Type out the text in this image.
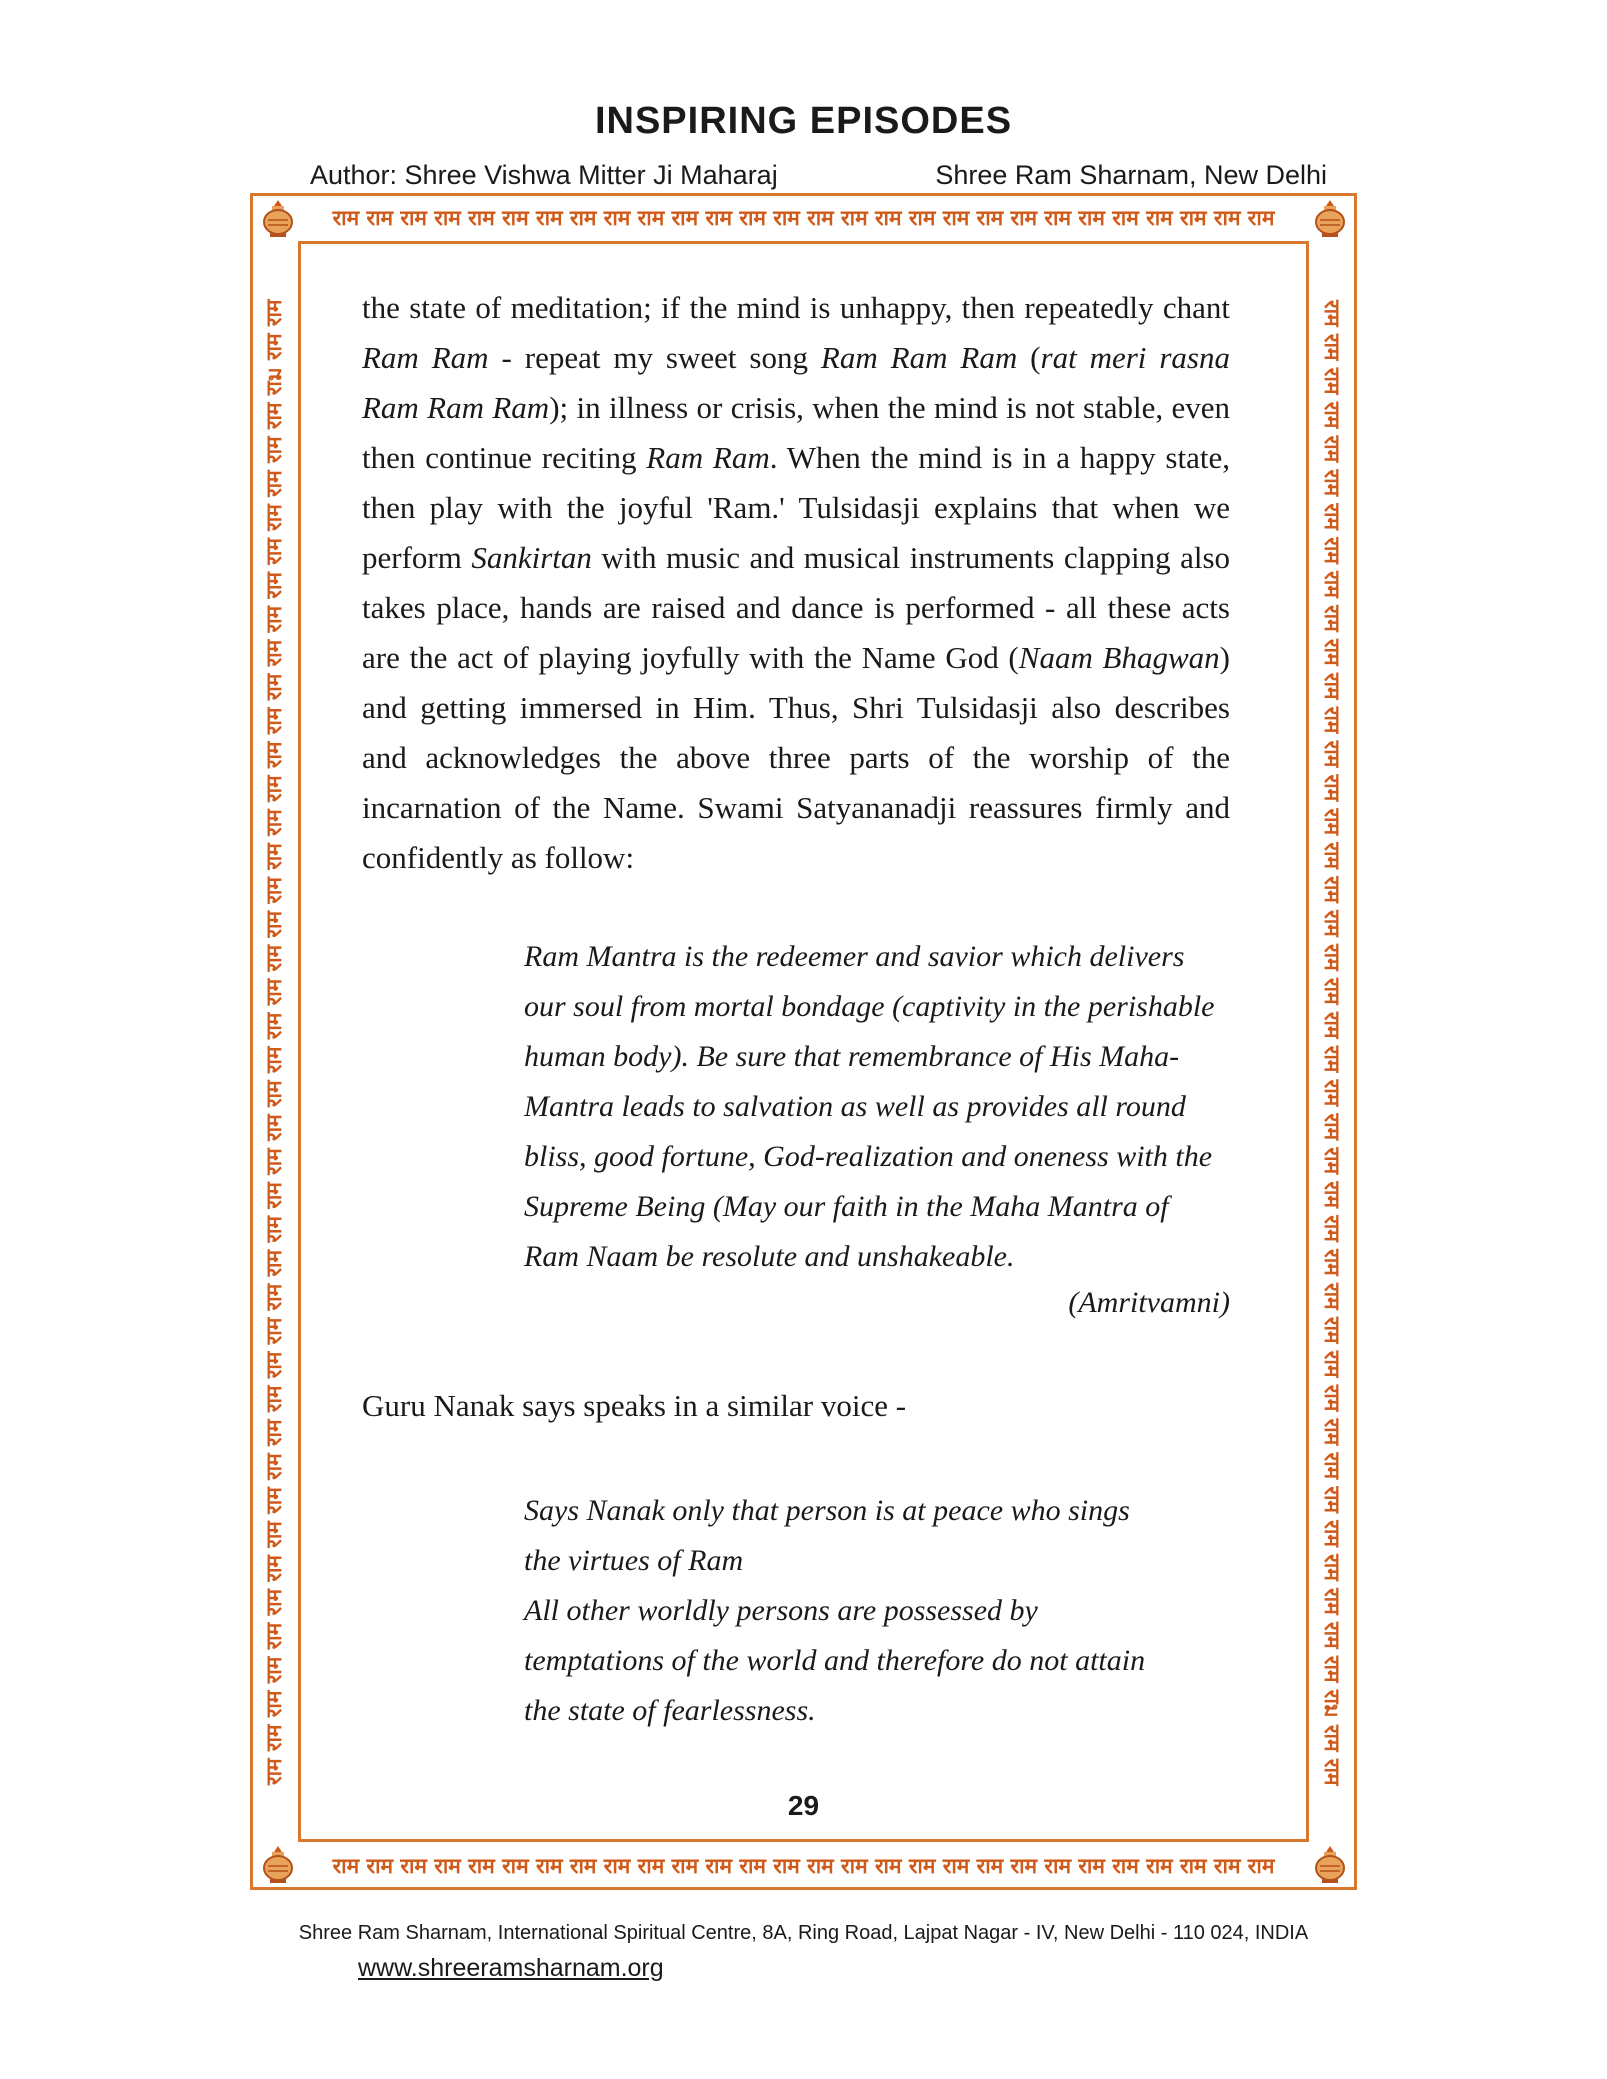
INSPIRING EPISODES
Author: Shree Vishwa Mitter Ji Maharaj	Shree Ram Sharnam, New Delhi
राम राम राम राम राम राम राम राम राम राम राम राम राम राम राम राम राम राम राम राम राम राम राम राम राम राम राम राम
राम राम राम राम राम राम राम राम राम राम राम राम राम राम राम राम राम राम राम राम राम राम राम राम राम राम राम राम
राम राम राम राम राम राम राम राम राम राम राम राम राम राम राम राम राम राम राम राम राम राम राम राम राम राम राम राम राम राम राम राम राम राम राम राम राम राम राम राम राम राม राम राम	राम राम राम राम राम राम राम राम राम राम राम राम राम राम राम राम राम राम राम राम राम राम राम राम राम राम राम राम राम राम राम राम राम राम राम राम राम राम राम राम राम राม राम राम

the state of meditation; if the mind is unhappy, then repeatedly chant Ram Ram - repeat my sweet song Ram Ram Ram (rat meri rasna Ram Ram Ram); in illness or crisis, when the mind is not stable, even then continue reciting Ram Ram. When the mind is in a happy state, then play with the joyful 'Ram.' Tulsidasji explains that when we perform Sankirtan with music and musical instruments clapping also takes place, hands are raised and dance is performed - all these acts are the act of playing joyfully with the Name God (Naam Bhagwan) and getting immersed in Him. Thus, Shri Tulsidasji also describes and acknowledges the above three parts of the worship of the incarnation of the Name. Swami Satyananadji reassures firmly and confidently as follow:

Ram Mantra is the redeemer and savior which delivers our soul from mortal bondage (captivity in the perishable human body). Be sure that remembrance of His Maha-Mantra leads to salvation as well as provides all round bliss, good fortune, God-realization and oneness with the Supreme Being (May our faith in the Maha Mantra of Ram Naam be resolute and unshakeable.
(Amritvamni)
Guru Nanak says speaks in a similar voice -
Says Nanak only that person is at peace who sings
the virtues of Ram
All other worldly persons are possessed by
temptations of the world and therefore do not attain
the state of fearlessness.
29
Shree Ram Sharnam, International Spiritual Centre, 8A, Ring Road, Lajpat Nagar - IV, New Delhi - 110 024, INDIA
www.shreeramsharnam.org
